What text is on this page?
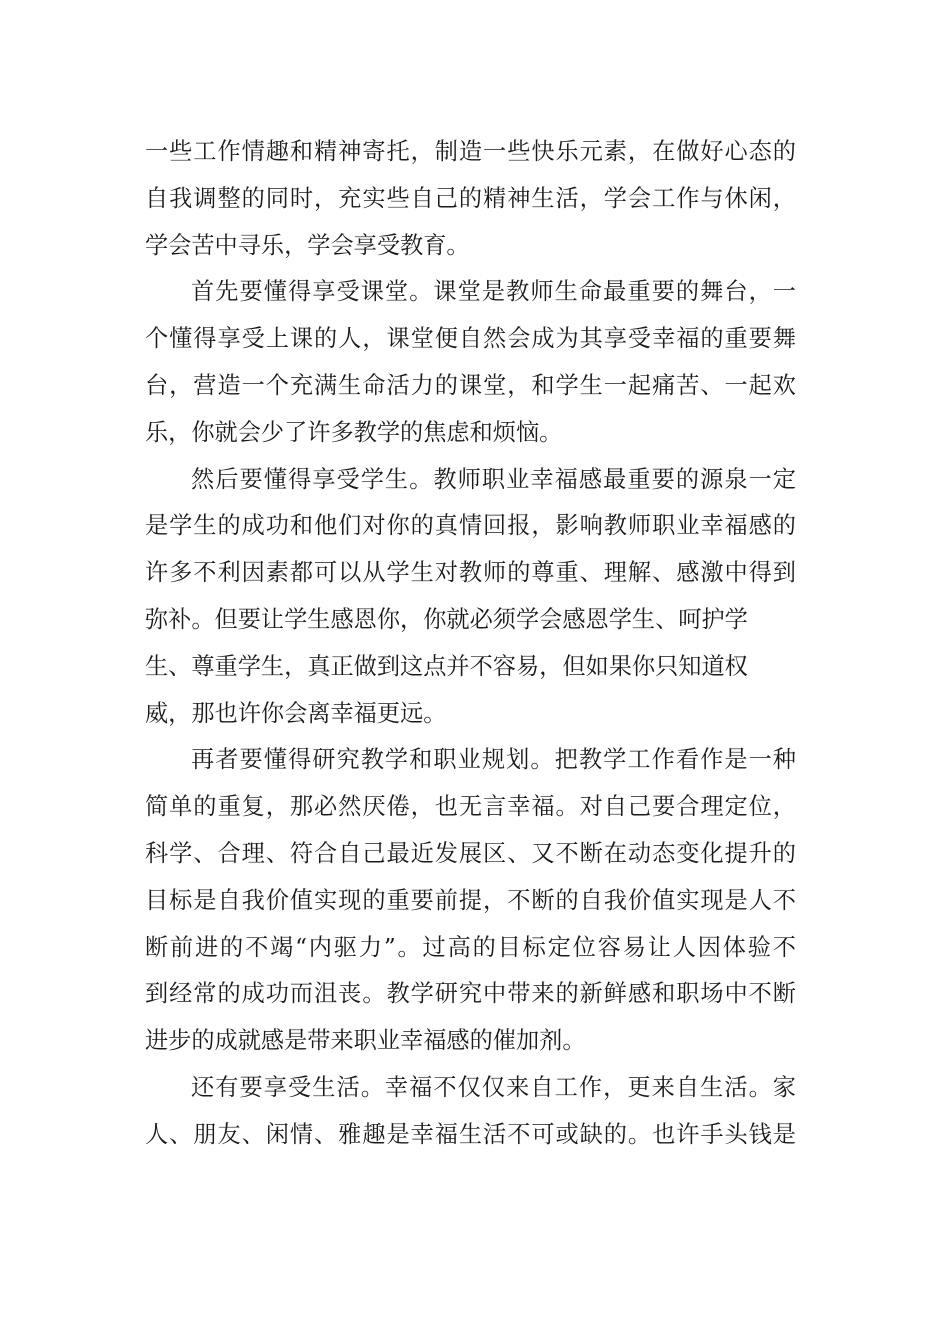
一些工作情趣和精神寄托，制造一些快乐元素，在做好心态的
自我调整的同时，充实些自己的精神生活，学会工作与休闲，
学会苦中寻乐，学会享受教育。
首先要懂得享受课堂。课堂是教师生命最重要的舞台，一
个懂得享受上课的人，课堂便自然会成为其享受幸福的重要舞
台，营造一个充满生命活力的课堂，和学生一起痛苦、一起欢
乐，你就会少了许多教学的焦虑和烦恼。
然后要懂得享受学生。教师职业幸福感最重要的源泉一定
是学生的成功和他们对你的真情回报，影响教师职业幸福感的
许多不利因素都可以从学生对教师的尊重、理解、感激中得到
弥补。但要让学生感恩你，你就必须学会感恩学生、呵护学
生、尊重学生，真正做到这点并不容易，但如果你只知道权
威，那也许你会离幸福更远。
再者要懂得研究教学和职业规划。把教学工作看作是一种
简单的重复，那必然厌倦，也无言幸福。对自己要合理定位，
科学、合理、符合自己最近发展区、又不断在动态变化提升的
目标是自我价值实现的重要前提，不断的自我价值实现是人不
断前进的不竭“内驱力”。过高的目标定位容易让人因体验不
到经常的成功而沮丧。教学研究中带来的新鲜感和职场中不断
进步的成就感是带来职业幸福感的催加剂。
还有要享受生活。幸福不仅仅来自工作，更来自生活。家
人、朋友、闲情、雅趣是幸福生活不可或缺的。也许手头钱是
